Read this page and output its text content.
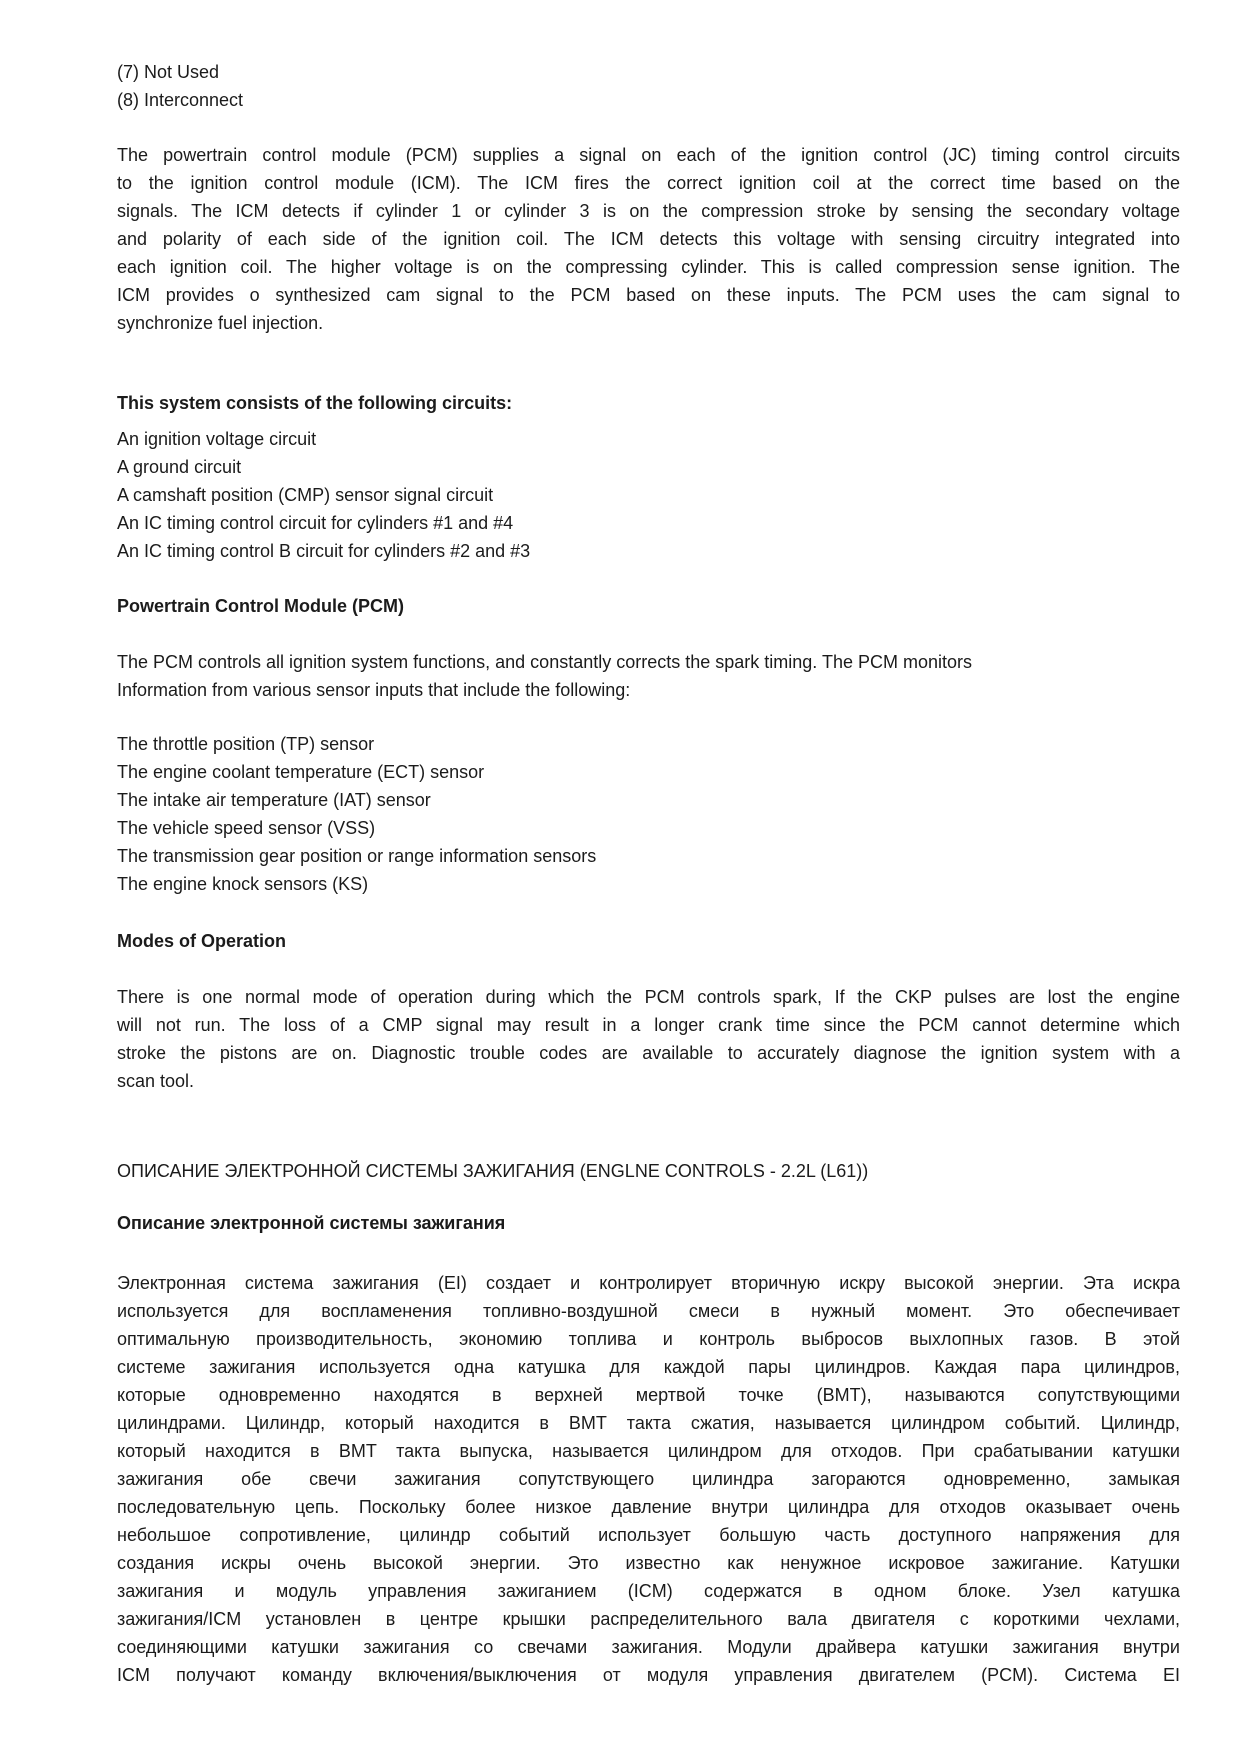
(7) Not Used
(8) Interconnect
The powertrain control module (PCM) supplies a signal on each of the ignition control (JC) timing control circuits
to the ignition control module (ICM). The ICM fires the correct ignition coil at the correct time based on the
signals. The ICM detects if cylinder 1 or cylinder 3 is on the compression stroke by sensing the secondary voltage
and polarity of each side of the ignition coil. The ICM detects this voltage with sensing circuitry integrated into
each ignition coil. The higher voltage is on the compressing cylinder. This is called compression sense ignition. The
ICM provides o synthesized cam signal to the PCM based on these inputs. The PCM uses the cam signal to
synchronize fuel injection.
This system consists of the following circuits:
An ignition voltage circuit
A ground circuit
A camshaft position (CMP) sensor signal circuit
An IC timing control circuit for cylinders #1 and #4
An IC timing control B circuit for cylinders #2 and #3
Powertrain Control Module (PCM)
The PCM controls all ignition system functions, and constantly corrects the spark timing. The PCM monitors
Information from various sensor inputs that include the following:
The throttle position (TP) sensor
The engine coolant temperature (ECT) sensor
The intake air temperature (IAT) sensor
The vehicle speed sensor (VSS)
The transmission gear position or range information sensors
The engine knock sensors (KS)
Modes of Operation
There is one normal mode of operation during which the PCM controls spark, If the CKP pulses are lost the engine
will not run. The loss of a CMP signal may result in a longer crank time since the PCM cannot determine which
stroke the pistons are on. Diagnostic trouble codes are available to accurately diagnose the ignition system with a
scan tool.
ОПИСАНИЕ ЭЛЕКТРОННОЙ СИСТЕМЫ ЗАЖИГАНИЯ (ENGLNE CONTROLS - 2.2L (L61))
Описание электронной системы зажигания
Электронная система зажигания (EI) создает и контролирует вторичную искру высокой энергии. Эта искра
используется для воспламенения топливно-воздушной смеси в нужный момент. Это обеспечивает
оптимальную производительность, экономию топлива и контроль выбросов выхлопных газов. В этой
системе зажигания используется одна катушка для каждой пары цилиндров. Каждая пара цилиндров,
которые одновременно находятся в верхней мертвой точке (ВМТ), называются сопутствующими
цилиндрами. Цилиндр, который находится в ВМТ такта сжатия, называется цилиндром событий. Цилиндр,
который находится в ВМТ такта выпуска, называется цилиндром для отходов. При срабатывании катушки
зажигания обе свечи зажигания сопутствующего цилиндра загораются одновременно, замыкая
последовательную цепь. Поскольку более низкое давление внутри цилиндра для отходов оказывает очень
небольшое сопротивление, цилиндр событий использует большую часть доступного напряжения для
создания искры очень высокой энергии. Это известно как ненужное искровое зажигание. Катушки
зажигания и модуль управления зажиганием (ICM) содержатся в одном блоке. Узел катушка
зажигания/ICM установлен в центре крышки распределительного вала двигателя с короткими чехлами,
соединяющими катушки зажигания со свечами зажигания. Модули драйвера катушки зажигания внутри
ICM получают команду включения/выключения от модуля управления двигателем (PCM). Система EI
